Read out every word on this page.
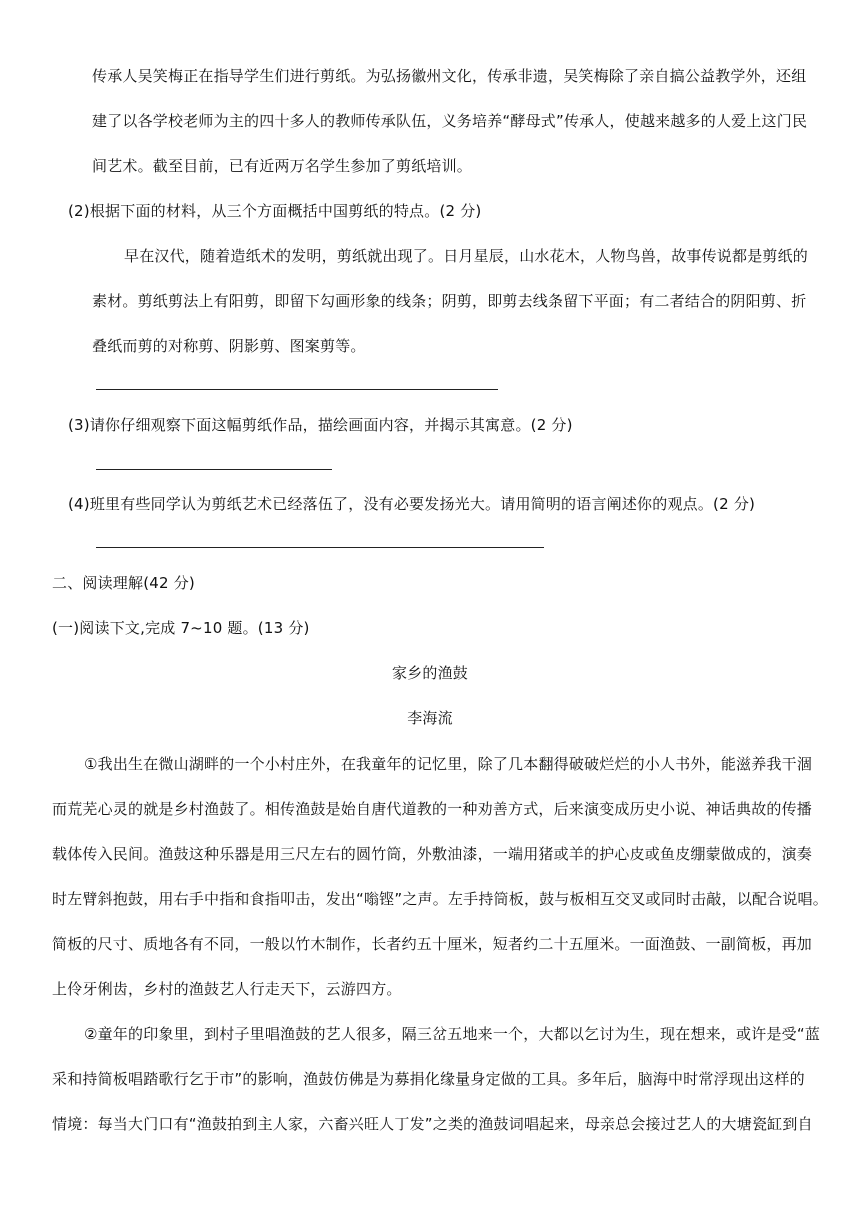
传承人吴笑梅正在指导学生们进行剪纸。为弘扬徽州文化，传承非遗，吴笑梅除了亲自搞公益教学外，还组
建了以各学校老师为主的四十多人的教师传承队伍，义务培养“酵母式”传承人，使越来越多的人爱上这门民
间艺术。截至目前，已有近两万名学生参加了剪纸培训。
(2)根据下面的材料，从三个方面概括中国剪纸的特点。(2 分)
早在汉代，随着造纸术的发明，剪纸就出现了。日月星辰，山水花木，人物鸟兽，故事传说都是剪纸的
素材。剪纸剪法上有阳剪，即留下勾画形象的线条；阴剪，即剪去线条留下平面；有二者结合的阴阳剪、折
叠纸而剪的对称剪、阴影剪、图案剪等。
(3)请你仔细观察下面这幅剪纸作品，描绘画面内容，并揭示其寓意。(2 分)
(4)班里有些同学认为剪纸艺术已经落伍了，没有必要发扬光大。请用简明的语言阐述你的观点。(2 分)
二、阅读理解(42 分)
(一)阅读下文,完成 7~10 题。(13 分)
家乡的渔鼓
李海流
①我出生在微山湖畔的一个小村庄外，在我童年的记忆里，除了几本翻得破破烂烂的小人书外，能滋养我干涸
而荒芜心灵的就是乡村渔鼓了。相传渔鼓是始自唐代道教的一种劝善方式，后来演变成历史小说、神话典故的传播
载体传入民间。渔鼓这种乐器是用三尺左右的圆竹筒，外敷油漆，一端用猪或羊的护心皮或鱼皮绷蒙做成的，演奏
时左臂斜抱鼓，用右手中指和食指叩击，发出“嗡铿”之声。左手持筒板，鼓与板相互交叉或同时击敲，以配合说唱。
简板的尺寸、质地各有不同，一般以竹木制作，长者约五十厘米，短者约二十五厘米。一面渔鼓、一副简板，再加
上伶牙俐齿，乡村的渔鼓艺人行走天下，云游四方。
②童年的印象里，到村子里唱渔鼓的艺人很多，隔三岔五地来一个，大都以乞讨为生，现在想来，或许是受“蓝
采和持简板唱踏歌行乞于市”的影响，渔鼓仿佛是为募捐化缘量身定做的工具。多年后，脑海中时常浮现出这样的
情境：每当大门口有“渔鼓拍到主人家，六畜兴旺人丁发”之类的渔鼓词唱起来，母亲总会接过艺人的大塘瓷缸到自
